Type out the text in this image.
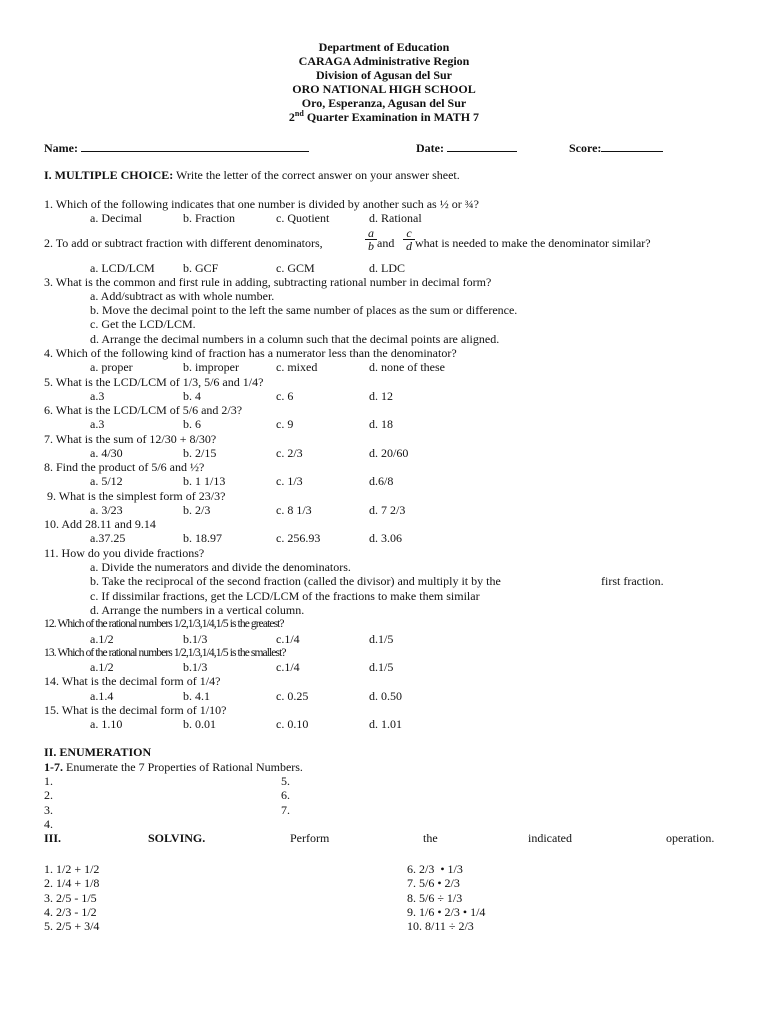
Department of Education
CARAGA Administrative Region
Division of Agusan del Sur
ORO NATIONAL HIGH SCHOOL
Oro, Esperanza, Agusan del Sur
2nd Quarter Examination in MATH 7
Name:	Date:	Score:
I. MULTIPLE CHOICE: Write the letter of the correct answer on your answer sheet.
1. Which of the following indicates that one number is divided by another such as ½ or ¾?
a. Decimal	b. Fraction	c. Quotient	d. Rational
2. To add or subtract fraction with different denominators,	$\frac{a}{b}$ and $\frac{c}{d}$ what is needed to make the denominator similar?
a. LCD/LCM b. GCF	c. GCM	d. LDC
3. What is the common and first rule in adding, subtracting rational number in decimal form?
a. Add/subtract as with whole number.
b. Move the decimal point to the left the same number of places as the sum or difference.
c. Get the LCD/LCM.
d. Arrange the decimal numbers in a column such that the decimal points are aligned.
4. Which of the following kind of fraction has a numerator less than the denominator?
a. proper	b. improper	c. mixed	d. none of these
5. What is the LCD/LCM of 1/3, 5/6 and 1/4?
a.3	b. 4	c. 6	d. 12
6. What is the LCD/LCM of 5/6 and 2/3?
a.3	b. 6	c. 9	d. 18
7. What is the sum of 12/30 + 8/30?
a. 4/30	b. 2/15	c. 2/3	d. 20/60
8. Find the product of 5/6 and ½?
a. 5/12	b. 1 1/13	c. 1/3	d.6/8
9. What is the simplest form of 23/3?
a. 3/23	b. 2/3	c. 8 1/3	d. 7 2/3
10. Add 28.11 and 9.14
a.37.25	b. 18.97	c. 256.93	d. 3.06
11. How do you divide fractions?
a. Divide the numerators and divide the denominators.
b. Take the reciprocal of the second fraction (called the divisor) and multiply it by the	first fraction.
c. If dissimilar fractions, get the LCD/LCM of the fractions to make them similar
d. Arrange the numbers in a vertical column.
12. Which of the rational numbers 1/2,1/3,1/4,1/5 is the greatest?
a.1/2	b.1/3	c.1/4	d.1/5
13. Which of the rational numbers 1/2,1/3,1/4,1/5 is the smallest?
a.1/2	b.1/3	c.1/4	d.1/5
14. What is the decimal form of 1/4?
a.1.4	b. 4.1	c. 0.25	d. 0.50
15. What is the decimal form of 1/10?
a. 1.10	b. 0.01	c. 0.10	d. 1.01
II. ENUMERATION
1-7. Enumerate the 7 Properties of Rational Numbers.
1.
2.
3.
4.
5.
6.
7.
III.	SOLVING.	Perform	the	indicated	operation.
1. 1/2 + 1/2
2. 1/4 + 1/8
3. 2/5 - 1/5
4. 2/3 - 1/2
5. 2/5 + 3/4
6. 2/3  • 1/3
7. 5/6 • 2/3
8. 5/6 ÷ 1/3
9. 1/6 • 2/3 • 1/4
10. 8/11 ÷ 2/3
